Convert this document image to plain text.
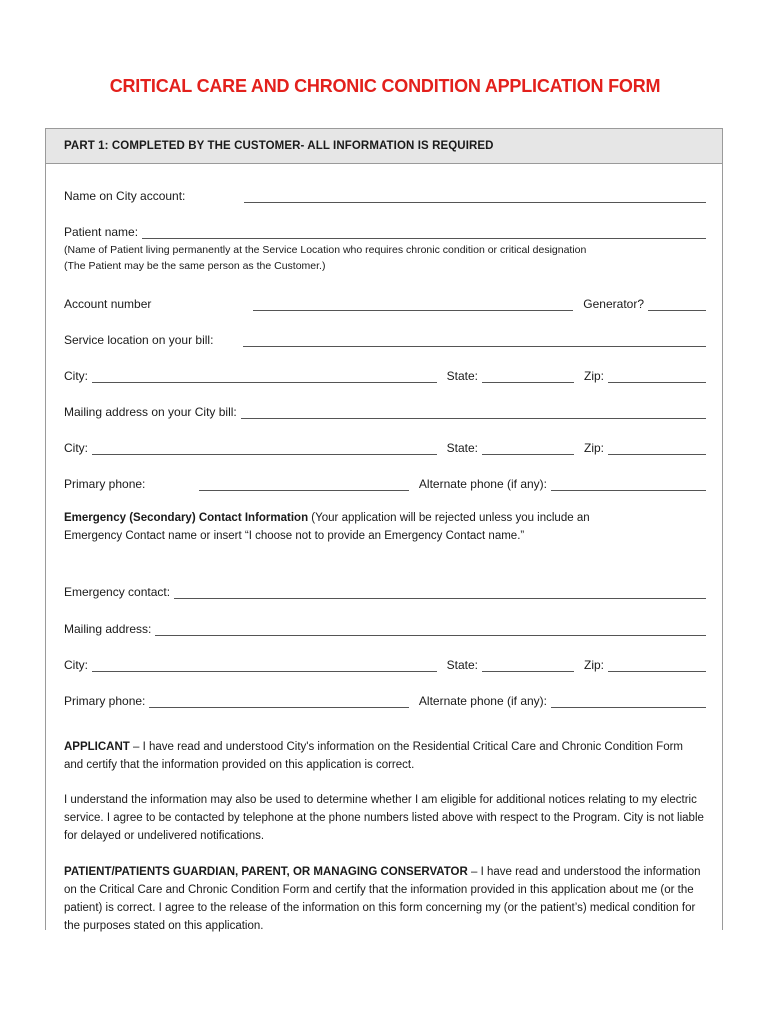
CRITICAL CARE AND CHRONIC CONDITION APPLICATION FORM
PART 1: COMPLETED BY THE CUSTOMER- ALL INFORMATION IS REQUIRED
Name on City account:
Patient name:
(Name of Patient living permanently at the Service Location who requires chronic condition or critical designation
(The Patient may be the same person as the Customer.)
Account number	Generator?
Service location on your bill:
City:	State:	Zip:
Mailing address on your City bill:
City:	State:	Zip:
Primary phone:	Alternate phone (if any):
Emergency (Secondary) Contact Information (Your application will be rejected unless you include an
Emergency Contact name or insert “I choose not to provide an Emergency Contact name.”
Emergency contact:
Mailing address:
City:	State:	Zip:
Primary phone:	Alternate phone (if any):
APPLICANT – I have read and understood City's information on the Residential Critical Care and Chronic Condition Form and certify that the information provided on this application is correct.
I understand the information may also be used to determine whether I am eligible for additional notices relating to my electric service. I agree to be contacted by telephone at the phone numbers listed above with respect to the Program. City is not liable for delayed or undelivered notifications.
PATIENT/PATIENTS GUARDIAN, PARENT, OR MANAGING CONSERVATOR – I have read and understood the information on the Critical Care and Chronic Condition Form and certify that the information provided in this application about me (or the patient) is correct. I agree to the release of the information on this form concerning my (or the patient’s) medical condition for the purposes stated on this application.
